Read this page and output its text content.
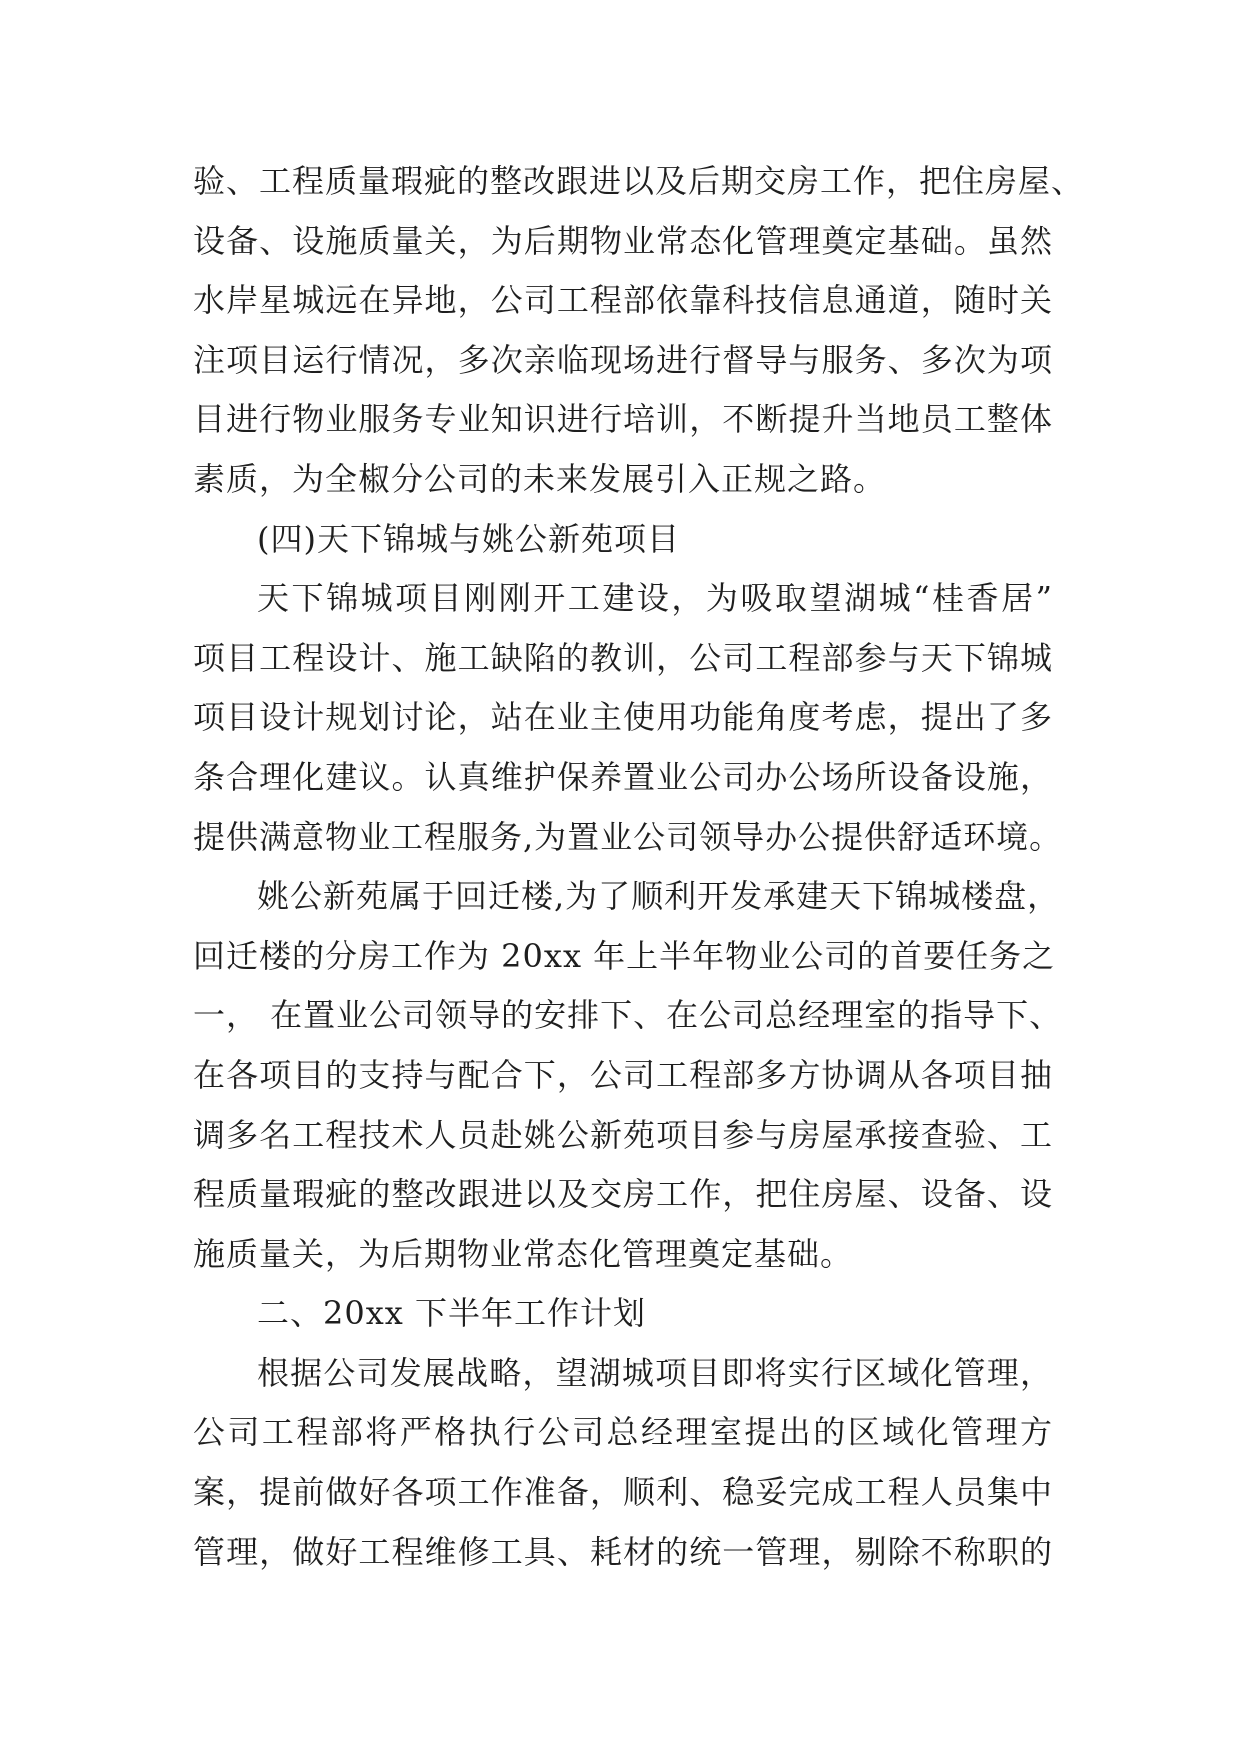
验、工程质量瑕疵的整改跟进以及后期交房工作，把住房屋、
设备、设施质量关，为后期物业常态化管理奠定基础。虽然
水岸星城远在异地，公司工程部依靠科技信息通道，随时关
注项目运行情况，多次亲临现场进行督导与服务、多次为项
目进行物业服务专业知识进行培训，不断提升当地员工整体
素质，为全椒分公司的未来发展引入正规之路。
(四)天下锦城与姚公新苑项目
天下锦城项目刚刚开工建设，为吸取望湖城“桂香居”
项目工程设计、施工缺陷的教训，公司工程部参与天下锦城
项目设计规划讨论，站在业主使用功能角度考虑，提出了多
条合理化建议。认真维护保养置业公司办公场所设备设施，
提供满意物业工程服务,为置业公司领导办公提供舒适环境。
姚公新苑属于回迁楼,为了顺利开发承建天下锦城楼盘，
回迁楼的分房工作为 20xx 年上半年物业公司的首要任务之
一， 在置业公司领导的安排下、在公司总经理室的指导下、
在各项目的支持与配合下，公司工程部多方协调从各项目抽
调多名工程技术人员赴姚公新苑项目参与房屋承接查验、工
程质量瑕疵的整改跟进以及交房工作，把住房屋、设备、设
施质量关，为后期物业常态化管理奠定基础。
二、20xx 下半年工作计划
根据公司发展战略，望湖城项目即将实行区域化管理，
公司工程部将严格执行公司总经理室提出的区域化管理方
案，提前做好各项工作准备，顺利、稳妥完成工程人员集中
管理，做好工程维修工具、耗材的统一管理，剔除不称职的
